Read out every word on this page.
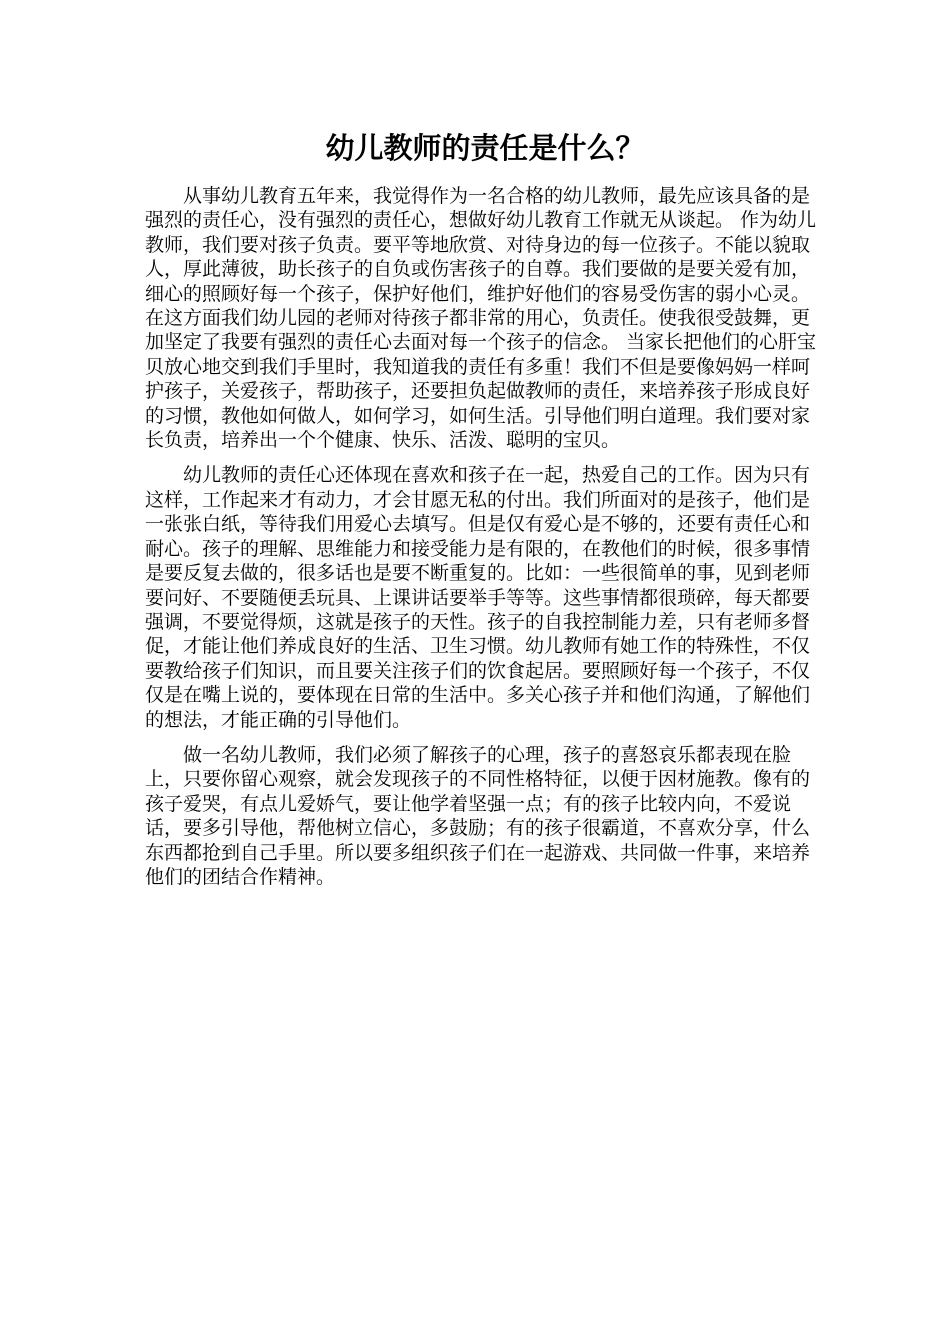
幼儿教师的责任是什么？

从事幼儿教育五年来，我觉得作为一名合格的幼儿教师，最先应该具备的是强烈的责任心，没有强烈的责任心，想做好幼儿教育工作就无从谈起。 作为幼儿教师，我们要对孩子负责。要平等地欣赏、对待身边的每一位孩子。不能以貌取人，厚此薄彼，助长孩子的自负或伤害孩子的自尊。我们要做的是要关爱有加，细心的照顾好每一个孩子，保护好他们，维护好他们的容易受伤害的弱小心灵。在这方面我们幼儿园的老师对待孩子都非常的用心，负责任。使我很受鼓舞，更加坚定了我要有强烈的责任心去面对每一个孩子的信念。 当家长把他们的心肝宝贝放心地交到我们手里时，我知道我的责任有多重！我们不但是要像妈妈一样呵护孩子，关爱孩子，帮助孩子，还要担负起做教师的责任，来培养孩子形成良好的习惯，教他如何做人，如何学习，如何生活。引导他们明白道理。我们要对家长负责，培养出一个个健康、快乐、活泼、聪明的宝贝。

幼儿教师的责任心还体现在喜欢和孩子在一起，热爱自己的工作。因为只有这样，工作起来才有动力，才会甘愿无私的付出。我们所面对的是孩子，他们是一张张白纸，等待我们用爱心去填写。但是仅有爱心是不够的，还要有责任心和耐心。孩子的理解、思维能力和接受能力是有限的，在教他们的时候，很多事情是要反复去做的，很多话也是要不断重复的。比如：一些很简单的事，见到老师要问好、不要随便丢玩具、上课讲话要举手等等。这些事情都很琐碎，每天都要强调，不要觉得烦，这就是孩子的天性。孩子的自我控制能力差，只有老师多督促，才能让他们养成良好的生活、卫生习惯。幼儿教师有她工作的特殊性，不仅要教给孩子们知识，而且要关注孩子们的饮食起居。要照顾好每一个孩子，不仅仅是在嘴上说的，要体现在日常的生活中。多关心孩子并和他们沟通，了解他们的想法，才能正确的引导他们。

做一名幼儿教师，我们必须了解孩子的心理，孩子的喜怒哀乐都表现在脸上，只要你留心观察，就会发现孩子的不同性格特征，以便于因材施教。像有的孩子爱哭，有点儿爱娇气，要让他学着坚强一点；有的孩子比较内向，不爱说话，要多引导他，帮他树立信心，多鼓励；有的孩子很霸道，不喜欢分享，什么东西都抢到自己手里。所以要多组织孩子们在一起游戏、共同做一件事，来培养他们的团结合作精神。
